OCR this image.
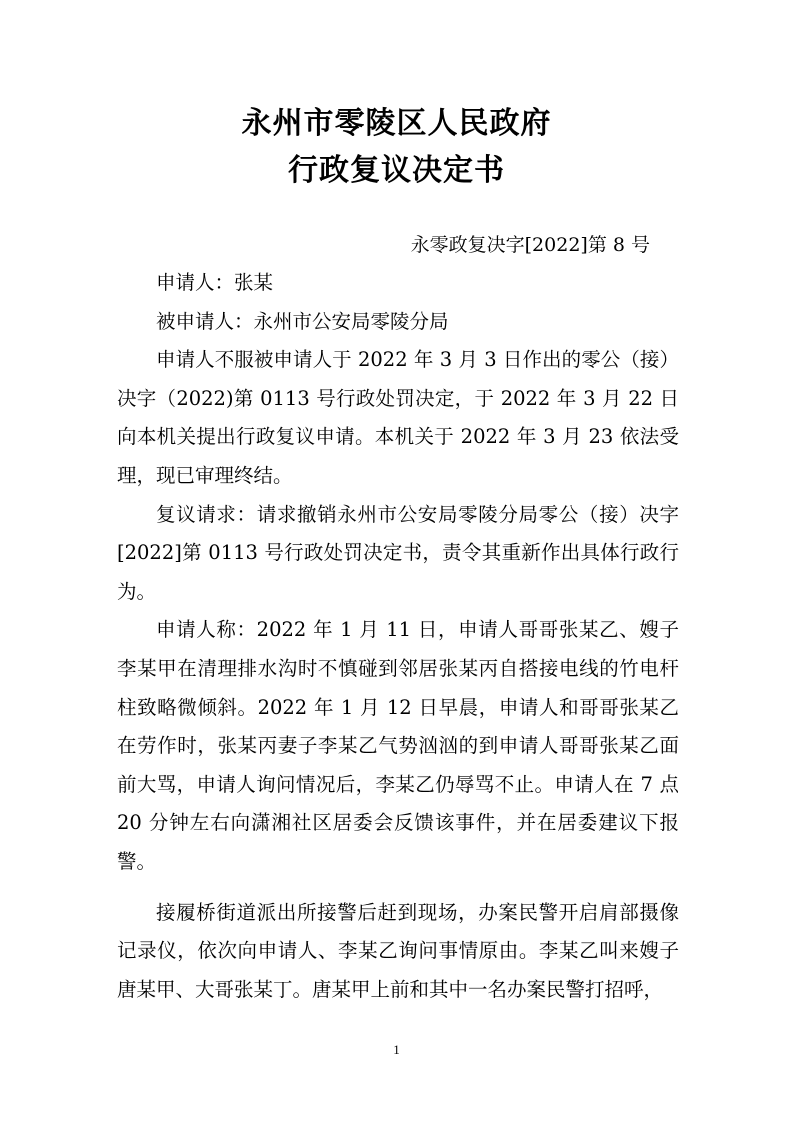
永州市零陵区人民政府
行政复议决定书

永零政复决字[2022]第 8 号

申请人：张某

被申请人：永州市公安局零陵分局

申请人不服被申请人于 2022 年 3 月 3 日作出的零公（接）决字（2022)第 0113 号行政处罚决定，于 2022 年 3 月 22 日向本机关提出行政复议申请。本机关于 2022 年 3 月 23 依法受理，现已审理终结。

复议请求：请求撤销永州市公安局零陵分局零公（接）决字[2022]第 0113 号行政处罚决定书，责令其重新作出具体行政行为。

申请人称：2022 年 1 月 11 日，申请人哥哥张某乙、嫂子李某甲在清理排水沟时不慎碰到邻居张某丙自搭接电线的竹电杆柱致略微倾斜。2022 年 1 月 12 日早晨，申请人和哥哥张某乙在劳作时，张某丙妻子李某乙气势汹汹的到申请人哥哥张某乙面前大骂，申请人询问情况后，李某乙仍辱骂不止。申请人在 7 点 20 分钟左右向潇湘社区居委会反馈该事件，并在居委建议下报警。

接履桥街道派出所接警后赶到现场，办案民警开启肩部摄像记录仪，依次向申请人、李某乙询问事情原由。李某乙叫来嫂子唐某甲、大哥张某丁。唐某甲上前和其中一名办案民警打招呼，

1
